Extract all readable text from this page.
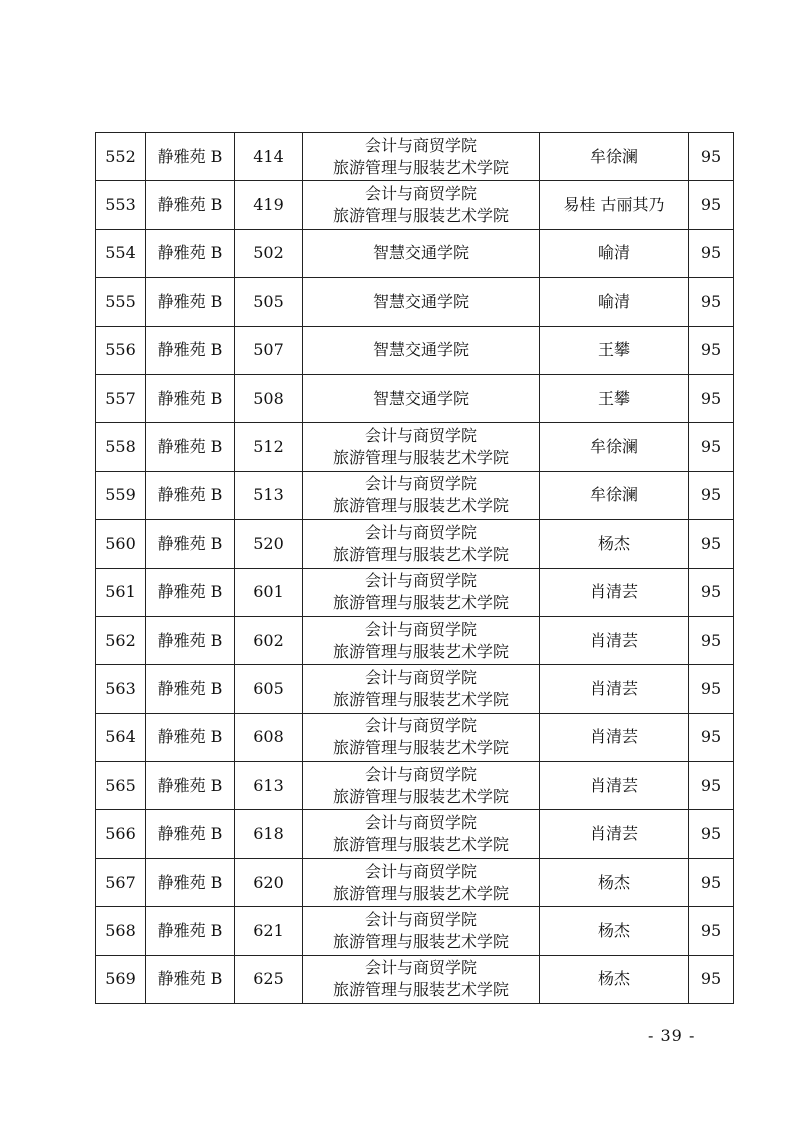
552	静雅苑 B	414	会计与商贸学院
旅游管理与服装艺术学院	牟徐澜	95
553	静雅苑 B	419	会计与商贸学院
旅游管理与服装艺术学院	易桂 古丽其乃	95
554	静雅苑 B	502	智慧交通学院	喻清	95
555	静雅苑 B	505	智慧交通学院	喻清	95
556	静雅苑 B	507	智慧交通学院	王攀	95
557	静雅苑 B	508	智慧交通学院	王攀	95
558	静雅苑 B	512	会计与商贸学院
旅游管理与服装艺术学院	牟徐澜	95
559	静雅苑 B	513	会计与商贸学院
旅游管理与服装艺术学院	牟徐澜	95
560	静雅苑 B	520	会计与商贸学院
旅游管理与服装艺术学院	杨杰	95
561	静雅苑 B	601	会计与商贸学院
旅游管理与服装艺术学院	肖清芸	95
562	静雅苑 B	602	会计与商贸学院
旅游管理与服装艺术学院	肖清芸	95
563	静雅苑 B	605	会计与商贸学院
旅游管理与服装艺术学院	肖清芸	95
564	静雅苑 B	608	会计与商贸学院
旅游管理与服装艺术学院	肖清芸	95
565	静雅苑 B	613	会计与商贸学院
旅游管理与服装艺术学院	肖清芸	95
566	静雅苑 B	618	会计与商贸学院
旅游管理与服装艺术学院	肖清芸	95
567	静雅苑 B	620	会计与商贸学院
旅游管理与服装艺术学院	杨杰	95
568	静雅苑 B	621	会计与商贸学院
旅游管理与服装艺术学院	杨杰	95
569	静雅苑 B	625	会计与商贸学院
旅游管理与服装艺术学院	杨杰	95
- 39 -
